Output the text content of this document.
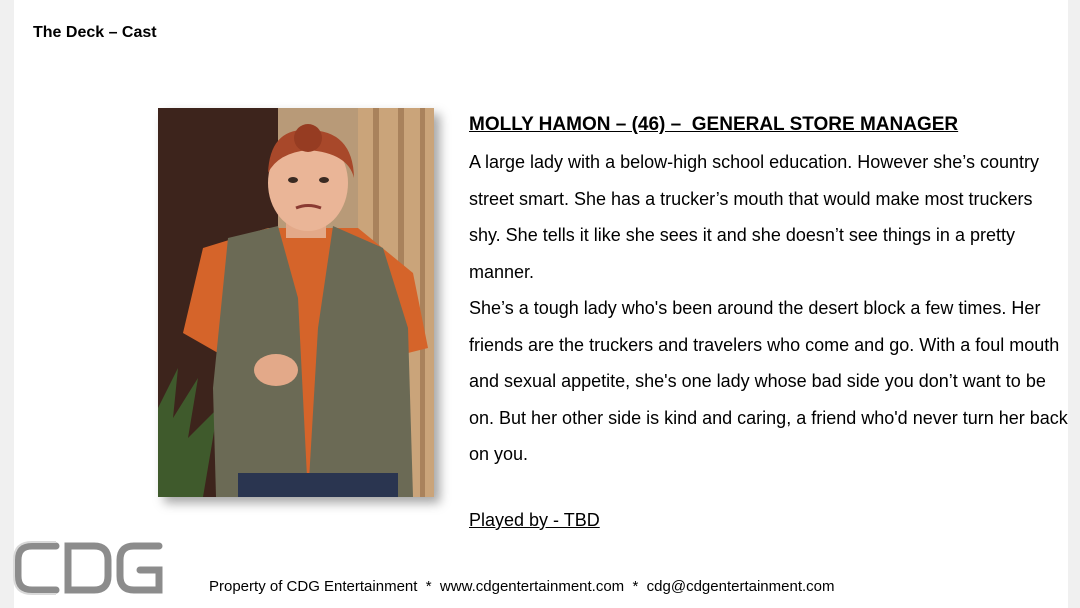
The Deck – Cast
MOLLY HAMON – (46) –  GENERAL STORE MANAGER

A large lady with a below-high school education. However she’s country street smart. She has a trucker’s mouth that would make most truckers shy. She tells it like she sees it and she doesn’t see things in a pretty manner.

She’s a tough lady who's been around the desert block a few times. Her friends are the truckers and travelers who come and go. With a foul mouth and sexual appetite, she's one lady whose bad side you don’t want to be on. But her other side is kind and caring, a friend who'd never turn her back on you.

Played by - TBD
Property of CDG Entertainment  *  www.cdgentertainment.com  *  cdg@cdgentertainment.com
